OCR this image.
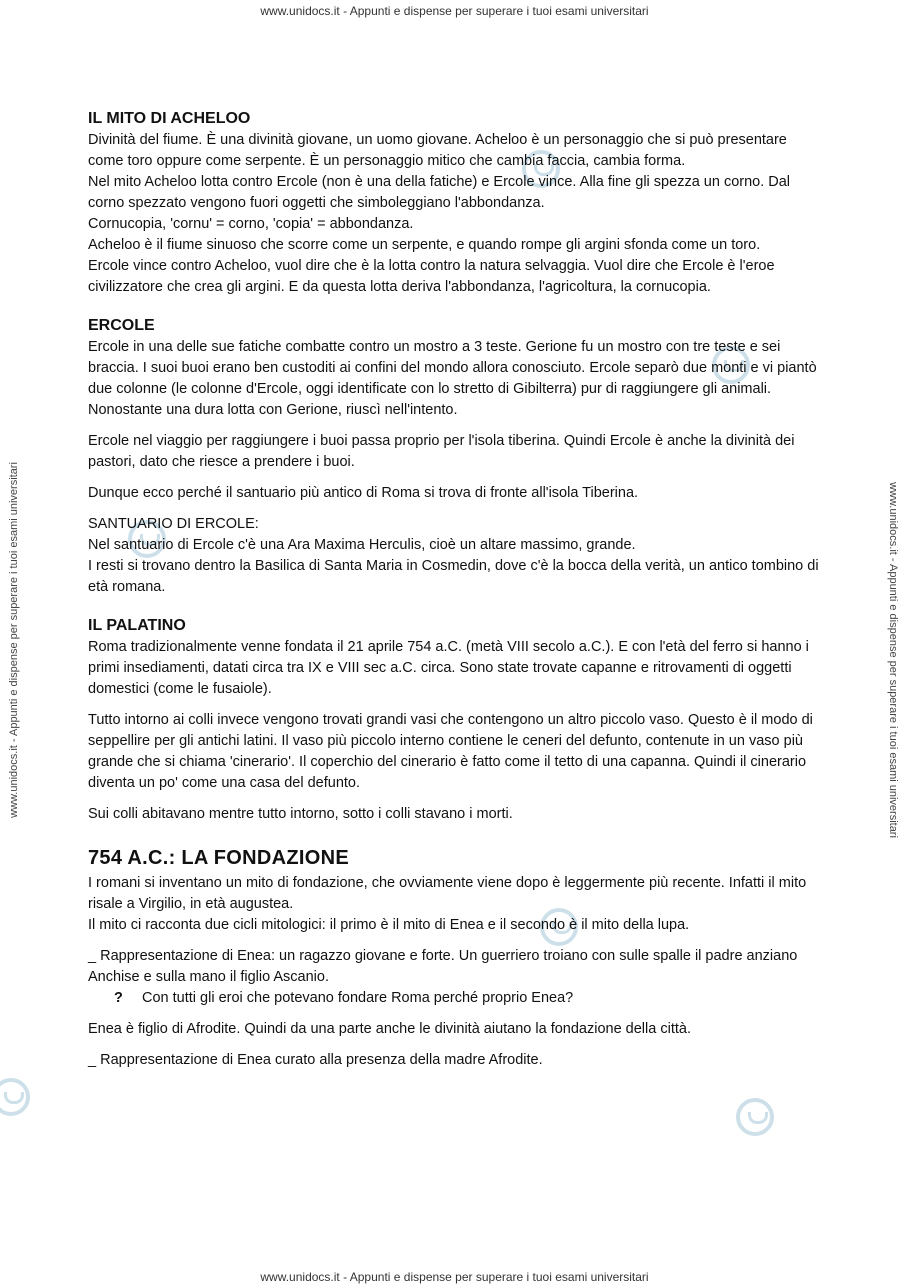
www.unidocs.it - Appunti e dispense per superare i tuoi esami universitari
www.unidocs.it - Appunti e dispense per superare i tuoi esami universitari	www.unidocs.it - Appunti e dispense per superare i tuoi esami universitari
IL MITO DI ACHELOO

Divinità del fiume. È una divinità giovane, un uomo giovane. Acheloo è un personaggio che si può presentare come toro oppure come serpente. È un personaggio mitico che cambia faccia, cambia forma.

Nel mito Acheloo lotta contro Ercole (non è una della fatiche) e Ercole vince. Alla fine gli spezza un corno. Dal corno spezzato vengono fuori oggetti che simboleggiano l'abbondanza.

Cornucopia, 'cornu' = corno, 'copia' = abbondanza.

Acheloo è il fiume sinuoso che scorre come un serpente, e quando rompe gli argini sfonda come un toro.

Ercole vince contro Acheloo, vuol dire che è la lotta contro la natura selvaggia. Vuol dire che Ercole è l'eroe civilizzatore che crea gli argini. E da questa lotta deriva l'abbondanza, l'agricoltura, la cornucopia.

ERCOLE

Ercole in una delle sue fatiche combatte contro un mostro a 3 teste. Gerione fu un mostro con tre teste e sei braccia. I suoi buoi erano ben custoditi ai confini del mondo allora conosciuto. Ercole separò due monti e vi piantò due colonne (le colonne d'Ercole, oggi identificate con lo stretto di Gibilterra) pur di raggiungere gli animali. Nonostante una dura lotta con Gerione, riuscì nell'intento.

Ercole nel viaggio per raggiungere i buoi passa proprio per l'isola tiberina. Quindi Ercole è anche la divinità dei pastori, dato che riesce a prendere i buoi.

Dunque ecco perché il santuario più antico di Roma si trova di fronte all'isola Tiberina.

SANTUARIO DI ERCOLE:

Nel santuario di Ercole c'è una Ara Maxima Herculis, cioè un altare massimo, grande.

I resti si trovano dentro la Basilica di Santa Maria in Cosmedin, dove c'è la bocca della verità, un antico tombino di età romana.

IL PALATINO

Roma tradizionalmente venne fondata il 21 aprile 754 a.C. (metà VIII secolo a.C.). E con l'età del ferro si hanno i primi insediamenti, datati circa tra IX e VIII sec a.C. circa. Sono state trovate capanne e ritrovamenti di oggetti domestici (come le fusaiole).

Tutto intorno ai colli invece vengono trovati grandi vasi che contengono un altro piccolo vaso. Questo è il modo di seppellire per gli antichi latini. Il vaso più piccolo interno contiene le ceneri del defunto, contenute in un vaso più grande che si chiama 'cinerario'. Il coperchio del cinerario è fatto come il tetto di una capanna. Quindi il cinerario diventa un po' come una casa del defunto.

Sui colli abitavano mentre tutto intorno, sotto i colli stavano i morti.

754 A.C.: LA FONDAZIONE

I romani si inventano un mito di fondazione, che ovviamente viene dopo è leggermente più recente. Infatti il mito risale a Virgilio, in età augustea.

Il mito ci racconta due cicli mitologici: il primo è il mito di Enea e il secondo è il mito della lupa.

_ Rappresentazione di Enea: un ragazzo giovane e forte. Un guerriero troiano con sulle spalle il padre anziano Anchise e sulla mano il figlio Ascanio.

? Con tutti gli eroi che potevano fondare Roma perché proprio Enea?

Enea è figlio di Afrodite. Quindi da una parte anche le divinità aiutano la fondazione della città.

_ Rappresentazione di Enea curato alla presenza della madre Afrodite.

www.unidocs.it - Appunti e dispense per superare i tuoi esami universitari
